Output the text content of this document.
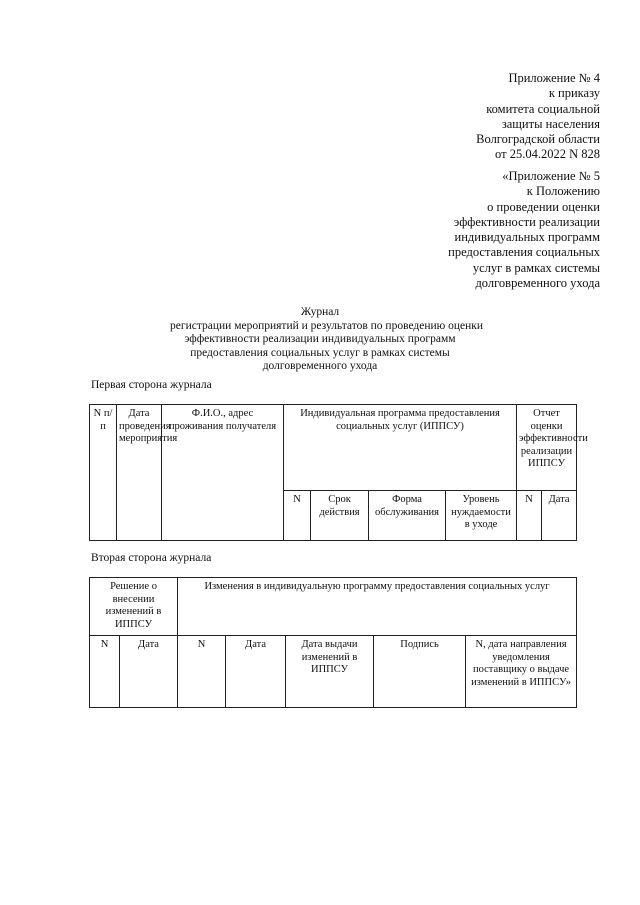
Приложение № 4
к приказу
комитета социальной
защиты населения
Волгоградской области
от 25.04.2022 N 828
«Приложение № 5
к Положению
о проведении оценки
эффективности реализации
индивидуальных программ
предоставления социальных
услуг в рамках системы
долговременного ухода
Журнал
регистрации мероприятий и результатов по проведению оценки
эффективности реализации индивидуальных программ
предоставления социальных услуг в рамках системы
долговременного ухода
Первая сторона журнала
N п/п	Дата проведения мероприятия	Ф.И.О., адрес проживания получателя	Индивидуальная программа предоставления социальных услуг (ИППСУ)				Отчет оценки эффективности реализации ИППСУ	
			N	Срок действия	Форма обслуживания	Уровень нуждаемости в уходе	N	Дата
Вторая сторона журнала
Решение о внесении изменений в ИППСУ		Изменения в индивидуальную программу предоставления социальных услуг				
N	Дата	N	Дата	Дата выдачи изменений в ИППСУ	Подпись	N, дата направления уведомления поставщику о выдаче изменений в ИППСУ»
